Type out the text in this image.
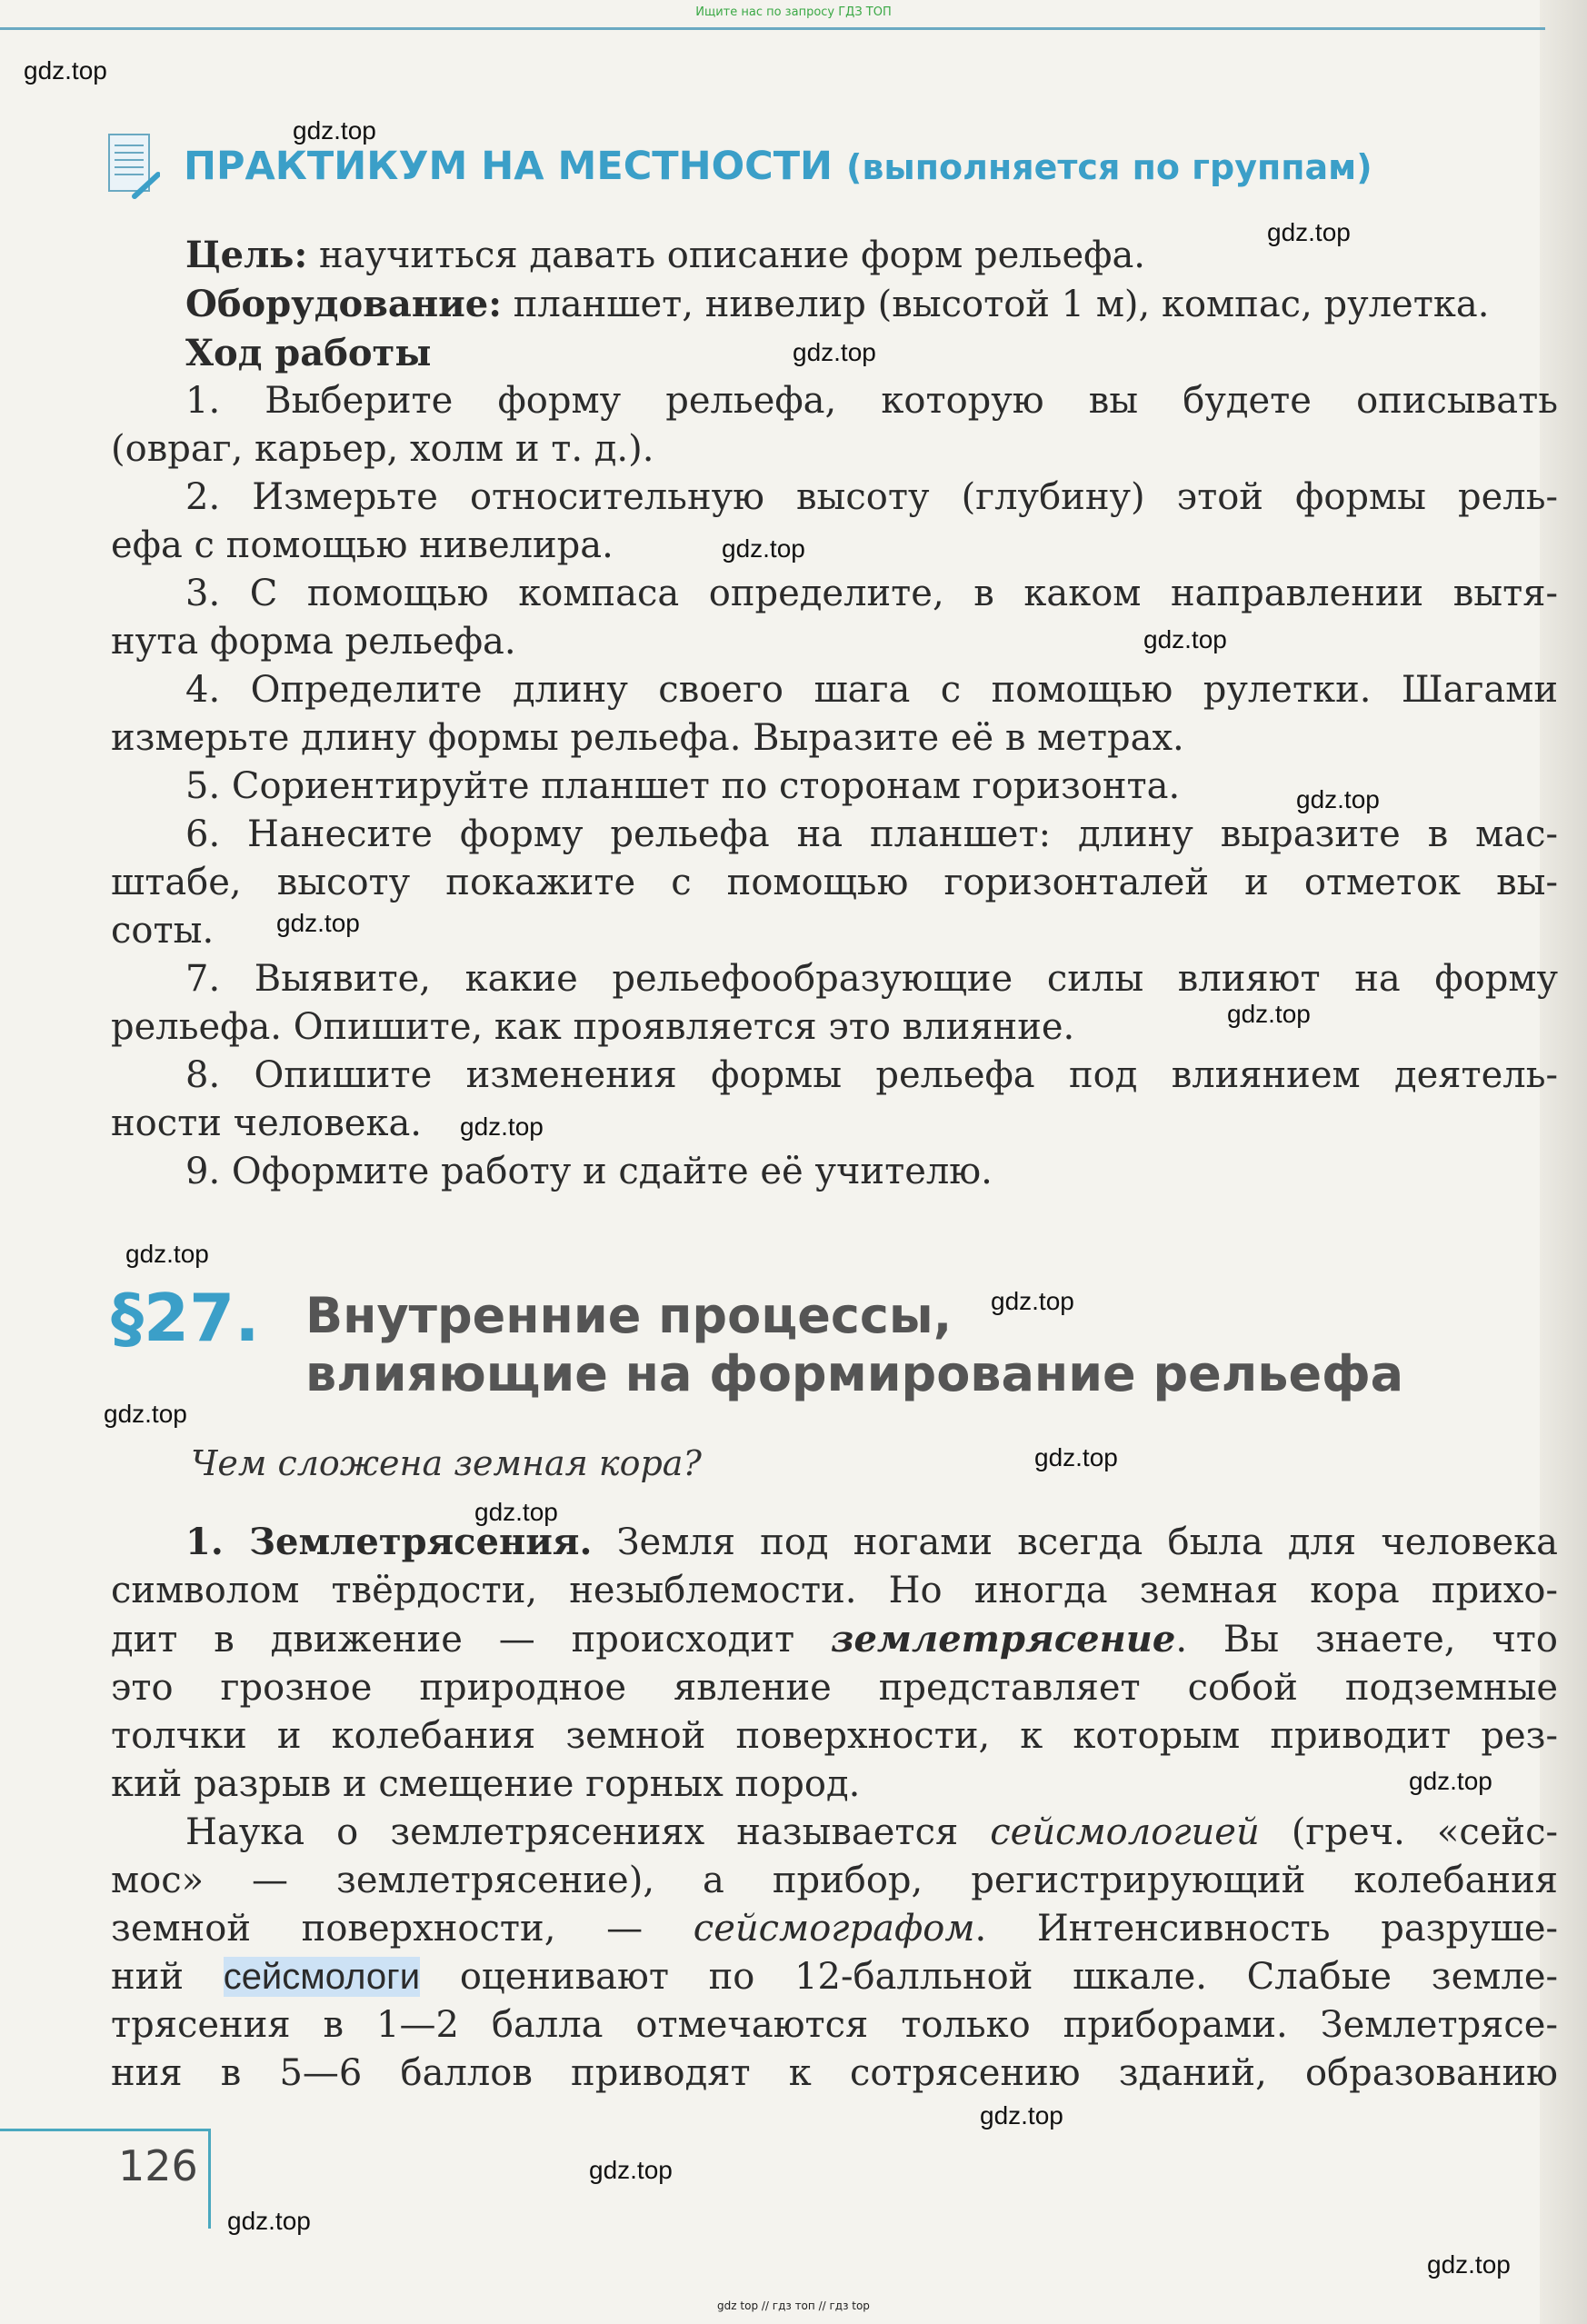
Ищите нас по запросу ГДЗ ТОП
ПРАКТИКУМ НА МЕСТНОСТИ (выполняется по группам)
Цель: научиться давать описание форм рельефа.
Оборудование: планшет, нивелир (высотой 1 м), компас, рулетка.
Ход работы
1. Выберите форму рельефа, которую вы будете описывать
(овраг, карьер, холм и т. д.).
2. Измерьте относительную высоту (глубину) этой формы рель-
ефа с помощью нивелира.
3. С помощью компаса определите, в каком направлении вытя-
нута форма рельефа.
4. Определите длину своего шага с помощью рулетки. Шагами
измерьте длину формы рельефа. Выразите её в метрах.
5. Сориентируйте планшет по сторонам горизонта.
6. Нанесите форму рельефа на планшет: длину выразите в мас-
штабе, высоту покажите с помощью горизонталей и отметок вы-
соты.
7. Выявите, какие рельефообразующие силы влияют на форму
рельефа. Опишите, как проявляется это влияние.
8. Опишите изменения формы рельефа под влиянием деятель-
ности человека.
9. Оформите работу и сдайте её учителю.
§27. Внутренние процессы,
влияющие на формирование рельефа
Чем сложена земная кора?
1. Землетрясения. Земля под ногами всегда была для человека
символом твёрдости, незыблемости. Но иногда земная кора прихо-
дит в движение — происходит землетрясение. Вы знаете, что
это грозное природное явление представляет собой подземные
толчки и колебания земной поверхности, к которым приводит рез-
кий разрыв и смещение горных пород.
Наука о землетрясениях называется сейсмологией (греч. «сейс-
мос» — землетрясение), а прибор, регистрирующий колебания
земной поверхности, — сейсмографом. Интенсивность разруше-
ний сейсмологи оценивают по 12-балльной шкале. Слабые земле-
трясения в 1—2 балла отмечаются только приборами. Землетрясе-
ния в 5—6 баллов приводят к сотрясению зданий, образованию
126
gdz top // гдз топ // гдз top
gdz.top
gdz.top
gdz.top
gdz.top
gdz.top
gdz.top
gdz.top
gdz.top
gdz.top
gdz.top
gdz.top
gdz.top
gdz.top
gdz.top
gdz.top
gdz.top
gdz.top
gdz.top
gdz.top
gdz.top
